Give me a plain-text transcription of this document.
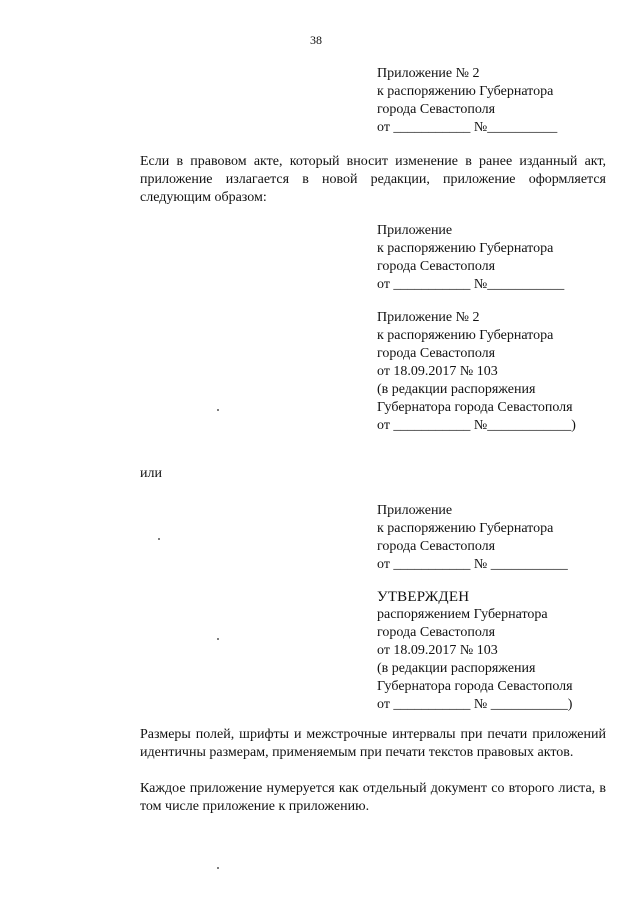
38
Приложение № 2
к распоряжению Губернатора
города Севастополя
от ___________ №__________
Если в правовом акте, который вносит изменение в ранее изданный акт, приложение излагается в новой редакции, приложение оформляется следующим образом:
Приложение
к распоряжению Губернатора
города Севастополя
от ___________ №___________
Приложение № 2
к распоряжению Губернатора
города Севастополя
от 18.09.2017 № 103
(в редакции распоряжения
Губернатора города Севастополя
от ___________ №____________)
или
Приложение
к распоряжению Губернатора
города Севастополя
от ___________ № ___________
УТВЕРЖДЕН
распоряжением Губернатора
города Севастополя
от 18.09.2017 № 103
(в редакции распоряжения
Губернатора города Севастополя
от ___________ № ___________)
Размеры полей, шрифты и межстрочные интервалы при печати приложений идентичны размерам, применяемым при печати текстов правовых актов.
Каждое приложение нумеруется как отдельный документ со второго листа, в том числе приложение к приложению.
